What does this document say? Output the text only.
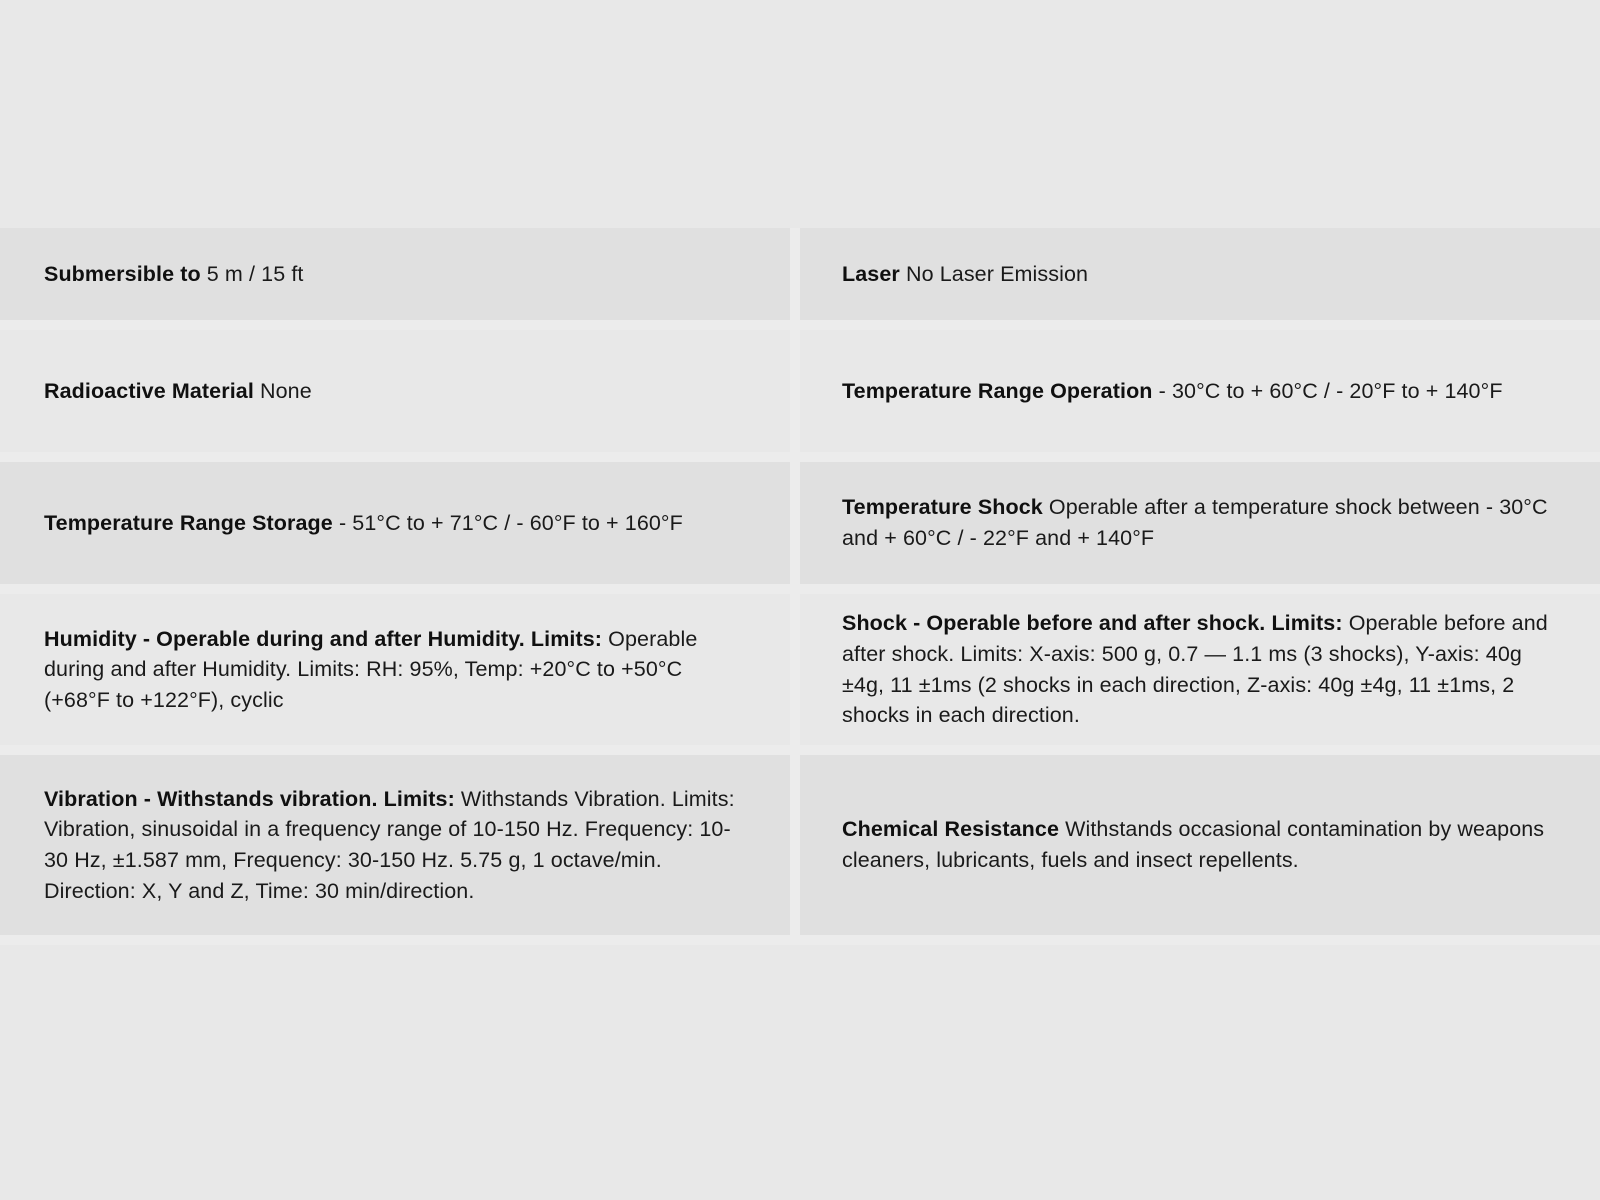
Submersible to 5 m / 15 ft	Laser No Laser Emission

Radioactive Material None	Temperature Range Operation - 30°C to + 60°C / - 20°F to + 140°F

Temperature Range Storage - 51°C to + 71°C / - 60°F to + 160°F

Temperature Shock Operable after a temperature shock between - 30°C and + 60°C / - 22°F and + 140°F

Humidity - Operable during and after Humidity. Limits: Operable during and after Humidity. Limits: RH: 95%, Temp: +20°C to +50°C (+68°F to +122°F), cyclic

Shock - Operable before and after shock. Limits: Operable before and after shock. Limits: X-axis: 500 g, 0.7 — 1.1 ms (3 shocks), Y-axis: 40g ±4g, 11 ±1ms (2 shocks in each direction, Z-axis: 40g ±4g, 11 ±1ms, 2 shocks in each direction.

Vibration - Withstands vibration. Limits: Withstands Vibration. Limits: Vibration, sinusoidal in a frequency range of 10-150 Hz. Frequency: 10-30 Hz, ±1.587 mm, Frequency: 30-150 Hz. 5.75 g, 1 octave/min. Direction: X, Y and Z, Time: 30 min/direction.

Chemical Resistance Withstands occasional contamination by weapons cleaners, lubricants, fuels and insect repellents.
